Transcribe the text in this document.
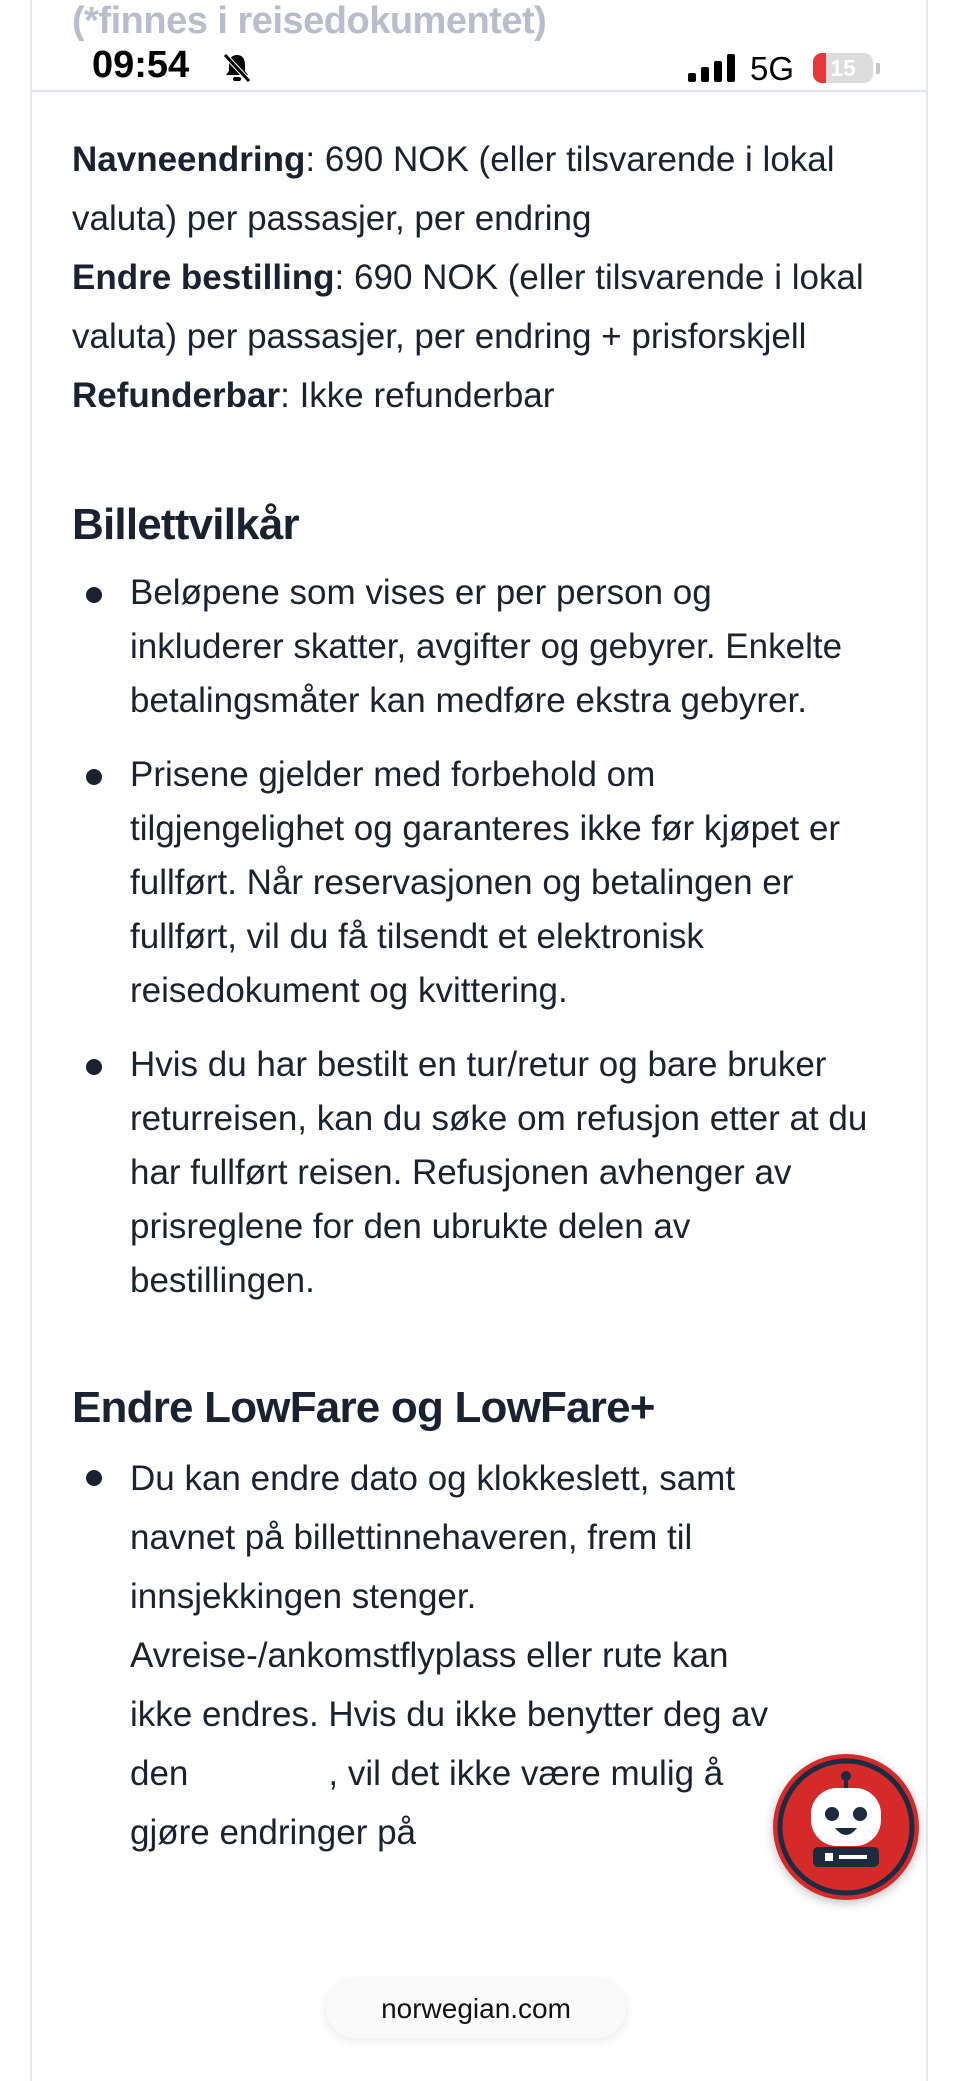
(*finnes i reisedokumentet)
09:54	5G	15

Navneendring: 690 NOK (eller tilsvarende i lokal valuta) per passasjer, per endring

Endre bestilling: 690 NOK (eller tilsvarende i lokal valuta) per passasjer, per endring + prisforskjell

Refunderbar: Ikke refunderbar

Billettvilkår
Beløpene som vises er per person og inkluderer skatter, avgifter og gebyrer. Enkelte betalingsmåter kan medføre ekstra gebyrer.
Prisene gjelder med forbehold om tilgjengelighet og garanteres ikke før kjøpet er fullført. Når reservasjonen og betalingen er fullført, vil du få tilsendt et elektronisk reisedokument og kvittering.
Hvis du har bestilt en tur/retur og bare bruker returreisen, kan du søke om refusjon etter at du har fullført reisen. Refusjonen avhenger av prisreglene for den ubrukte delen av bestillingen.
Endre LowFare og LowFare+
Du kan endre dato og klokkeslett, samt navnet på billettinnehaveren, frem til innsjekkingen stenger. Avreise-/ankomstflyplass eller rute kan ikke endres. Hvis du ikke benytter deg av den	, vil det ikke være mulig å gjøre endringer på
norwegian.com
